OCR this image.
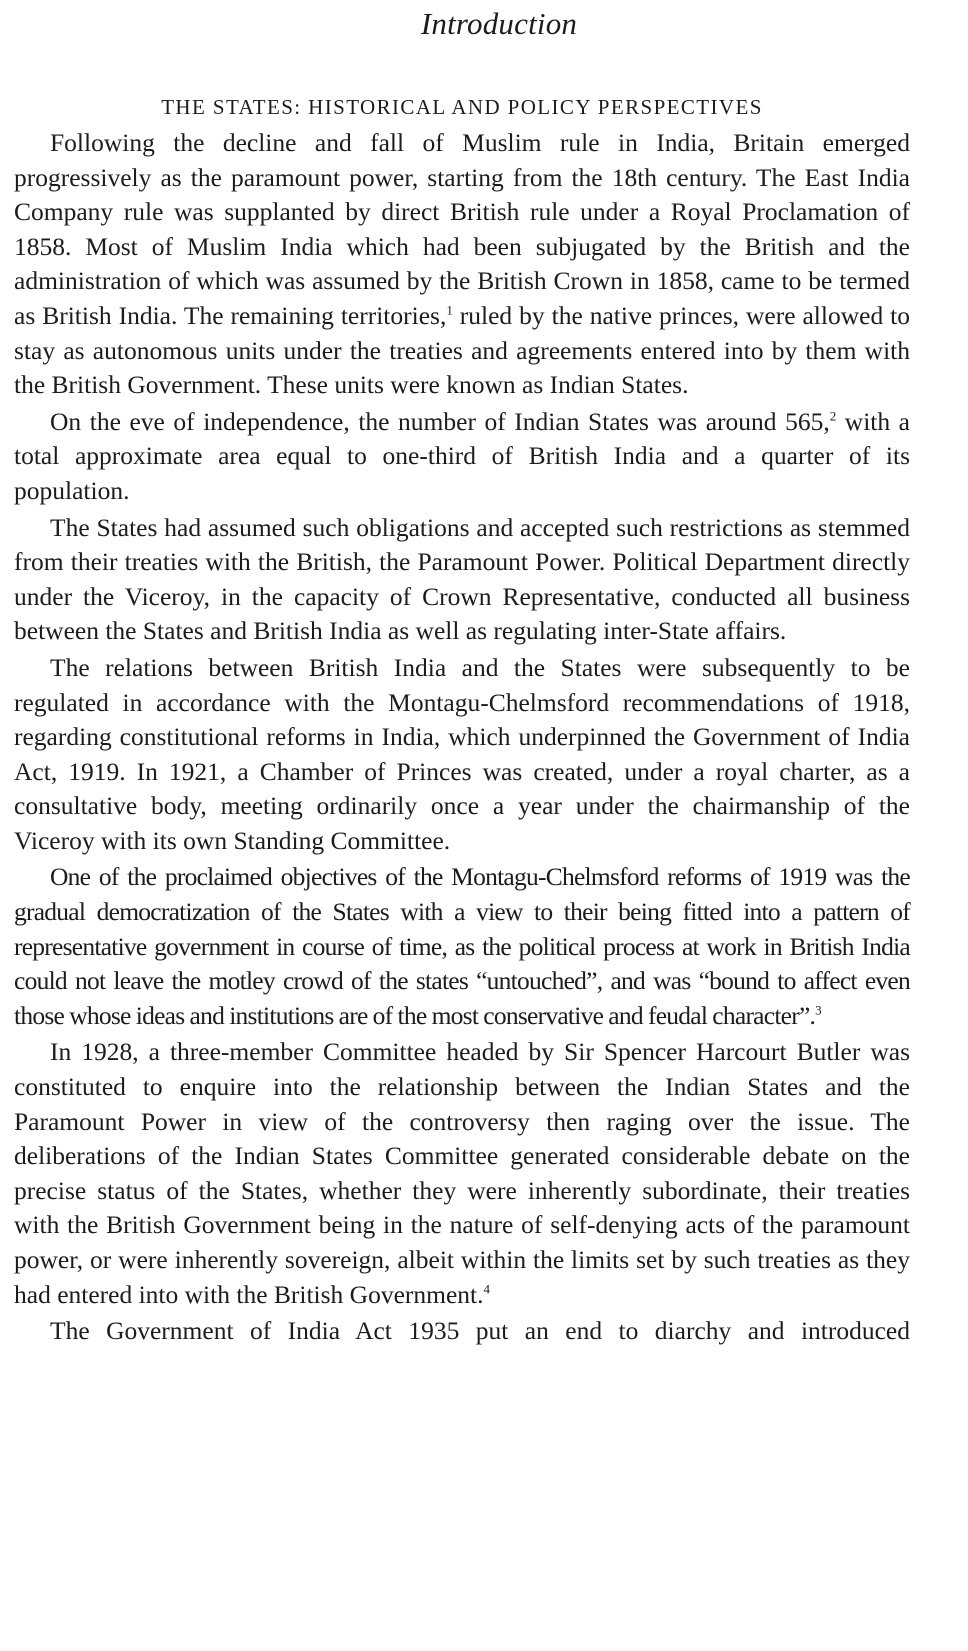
Introduction
THE STATES: HISTORICAL AND POLICY PERSPECTIVES

Following the decline and fall of Muslim rule in India, Britain emerged progressively as the paramount power, starting from the 18th century. The East India Company rule was supplanted by direct British rule under a Royal Proclamation of 1858. Most of Muslim India which had been subjugated by the British and the administration of which was assumed by the British Crown in 1858, came to be termed as British India. The remaining territories,$^1$ ruled by the native princes, were allowed to stay as autonomous units under the treaties and agreements entered into by them with the British Government. These units were known as Indian States.

On the eve of independence, the number of Indian States was around 565,$^2$ with a total approximate area equal to one-third of British India and a quarter of its population.

The States had assumed such obligations and accepted such restrictions as stemmed from their treaties with the British, the Paramount Power. Political Department directly under the Viceroy, in the capacity of Crown Representative, conducted all business between the States and British India as well as regulating inter-State affairs.

The relations between British India and the States were subsequently to be regulated in accordance with the Montagu-Chelmsford recommendations of 1918, regarding constitutional reforms in India, which underpinned the Government of India Act, 1919. In 1921, a Chamber of Princes was created, under a royal charter, as a consultative body, meeting ordinarily once a year under the chairmanship of the Viceroy with its own Standing Committee.

One of the proclaimed objectives of the Montagu-Chelmsford reforms of 1919 was the gradual democratization of the States with a view to their being fitted into a pattern of representative government in course of time, as the political process at work in British India could not leave the motley crowd of the states “untouched”, and was “bound to affect even those whose ideas and institutions are of the most conservative and feudal character”.$^3$

In 1928, a three-member Committee headed by Sir Spencer Harcourt Butler was constituted to enquire into the relationship between the Indian States and the Paramount Power in view of the controversy then raging over the issue. The deliberations of the Indian States Committee generated considerable debate on the precise status of the States, whether they were inherently subordinate, their treaties with the British Government being in the nature of self-denying acts of the paramount power, or were inherently sovereign, albeit within the limits set by such treaties as they had entered into with the British Government.$^4$

The Government of India Act 1935 put an end to diarchy and introduced
